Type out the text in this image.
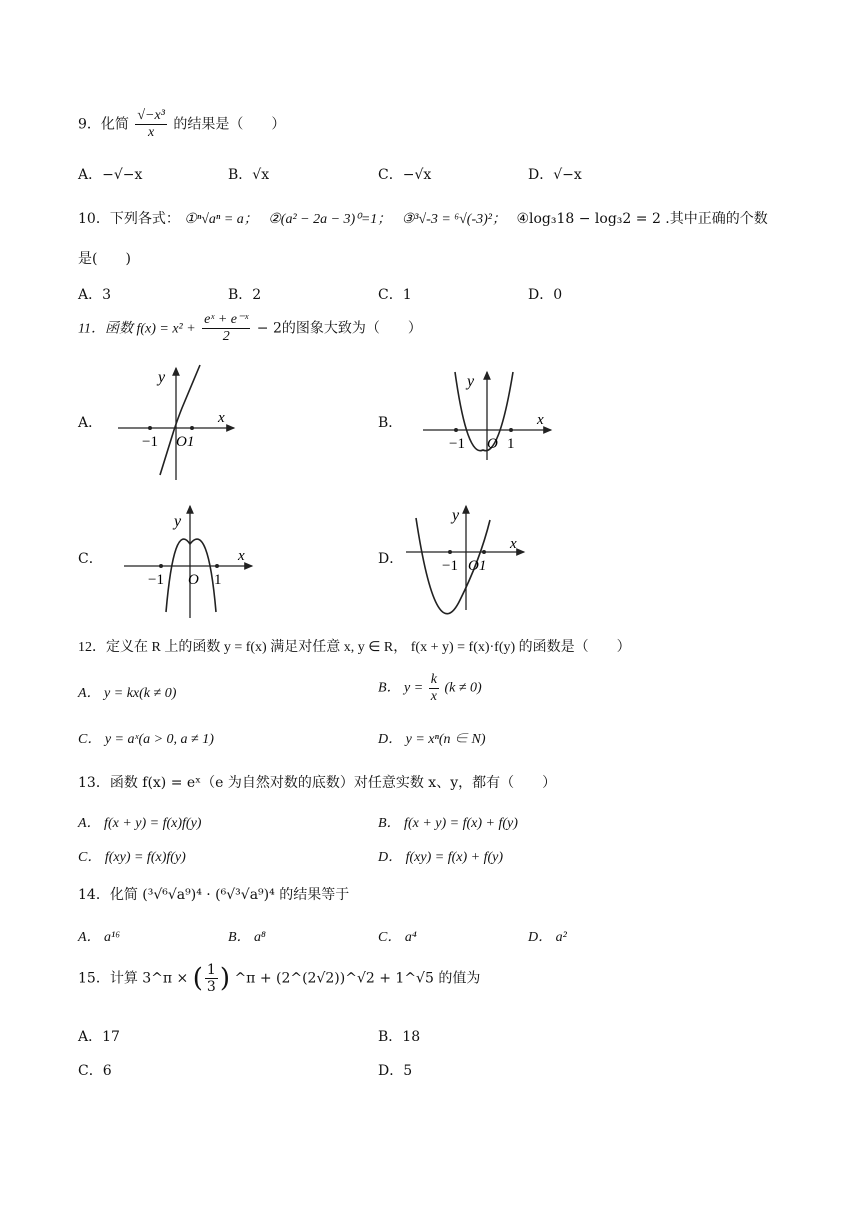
9．化简 $\frac{\text{√−x³}}{x}$ 的结果是（　　）
A．−√−x	B．√x	C．−√x	D．√−x
10．下列各式： ①ⁿ√aⁿ = a； ②(a² − 2a − 3)⁰=1； ③³√-3 = ⁶√(-3)²； ④log₃18 − log₃2 = 2 .其中正确的个数
是(　　)
A．3	B．2	C．1	D．0
11．函数 $f(x) = x^2 + \frac{\text{eˣ + e⁻ˣ}}{2} - 2$的图象大致为（　　）
A．	B．
C．	D．
y
x
−1 O1
y
x
−1 O 1
y
x
−1 O 1
y
x
−1 O1
12．定义在 R 上的函数 y = f(x) 满足对任意 x, y ∈ R， f(x + y) = f(x)·f(y) 的函数是（　　）
A． y = kx(k ≠ 0)	B． $y = \frac{k}{x} (k \ne 0)$
C． y = aˣ(a > 0, a ≠ 1)	D． y = xⁿ(n ∈ N)
13．函数 f(x) = eˣ（e 为自然对数的底数）对任意实数 x、y，都有（　　）
A． f(x + y) = f(x)f(y)	B． f(x + y) = f(x) + f(y)
C． f(xy) = f(x)f(y)	D． f(xy) = f(x) + f(y)
14．化简 (³√⁶√a⁹)⁴ · (⁶√³√a⁹)⁴ 的结果等于
A． a¹⁶	B． a⁸	C． a⁴	D． a²
15．计算 3^π × ( $\frac{1}{3}$ ) ^π + (2^(2√2))^√2 + 1^√5 的值为
A．17	B．18
C．6	D．5
